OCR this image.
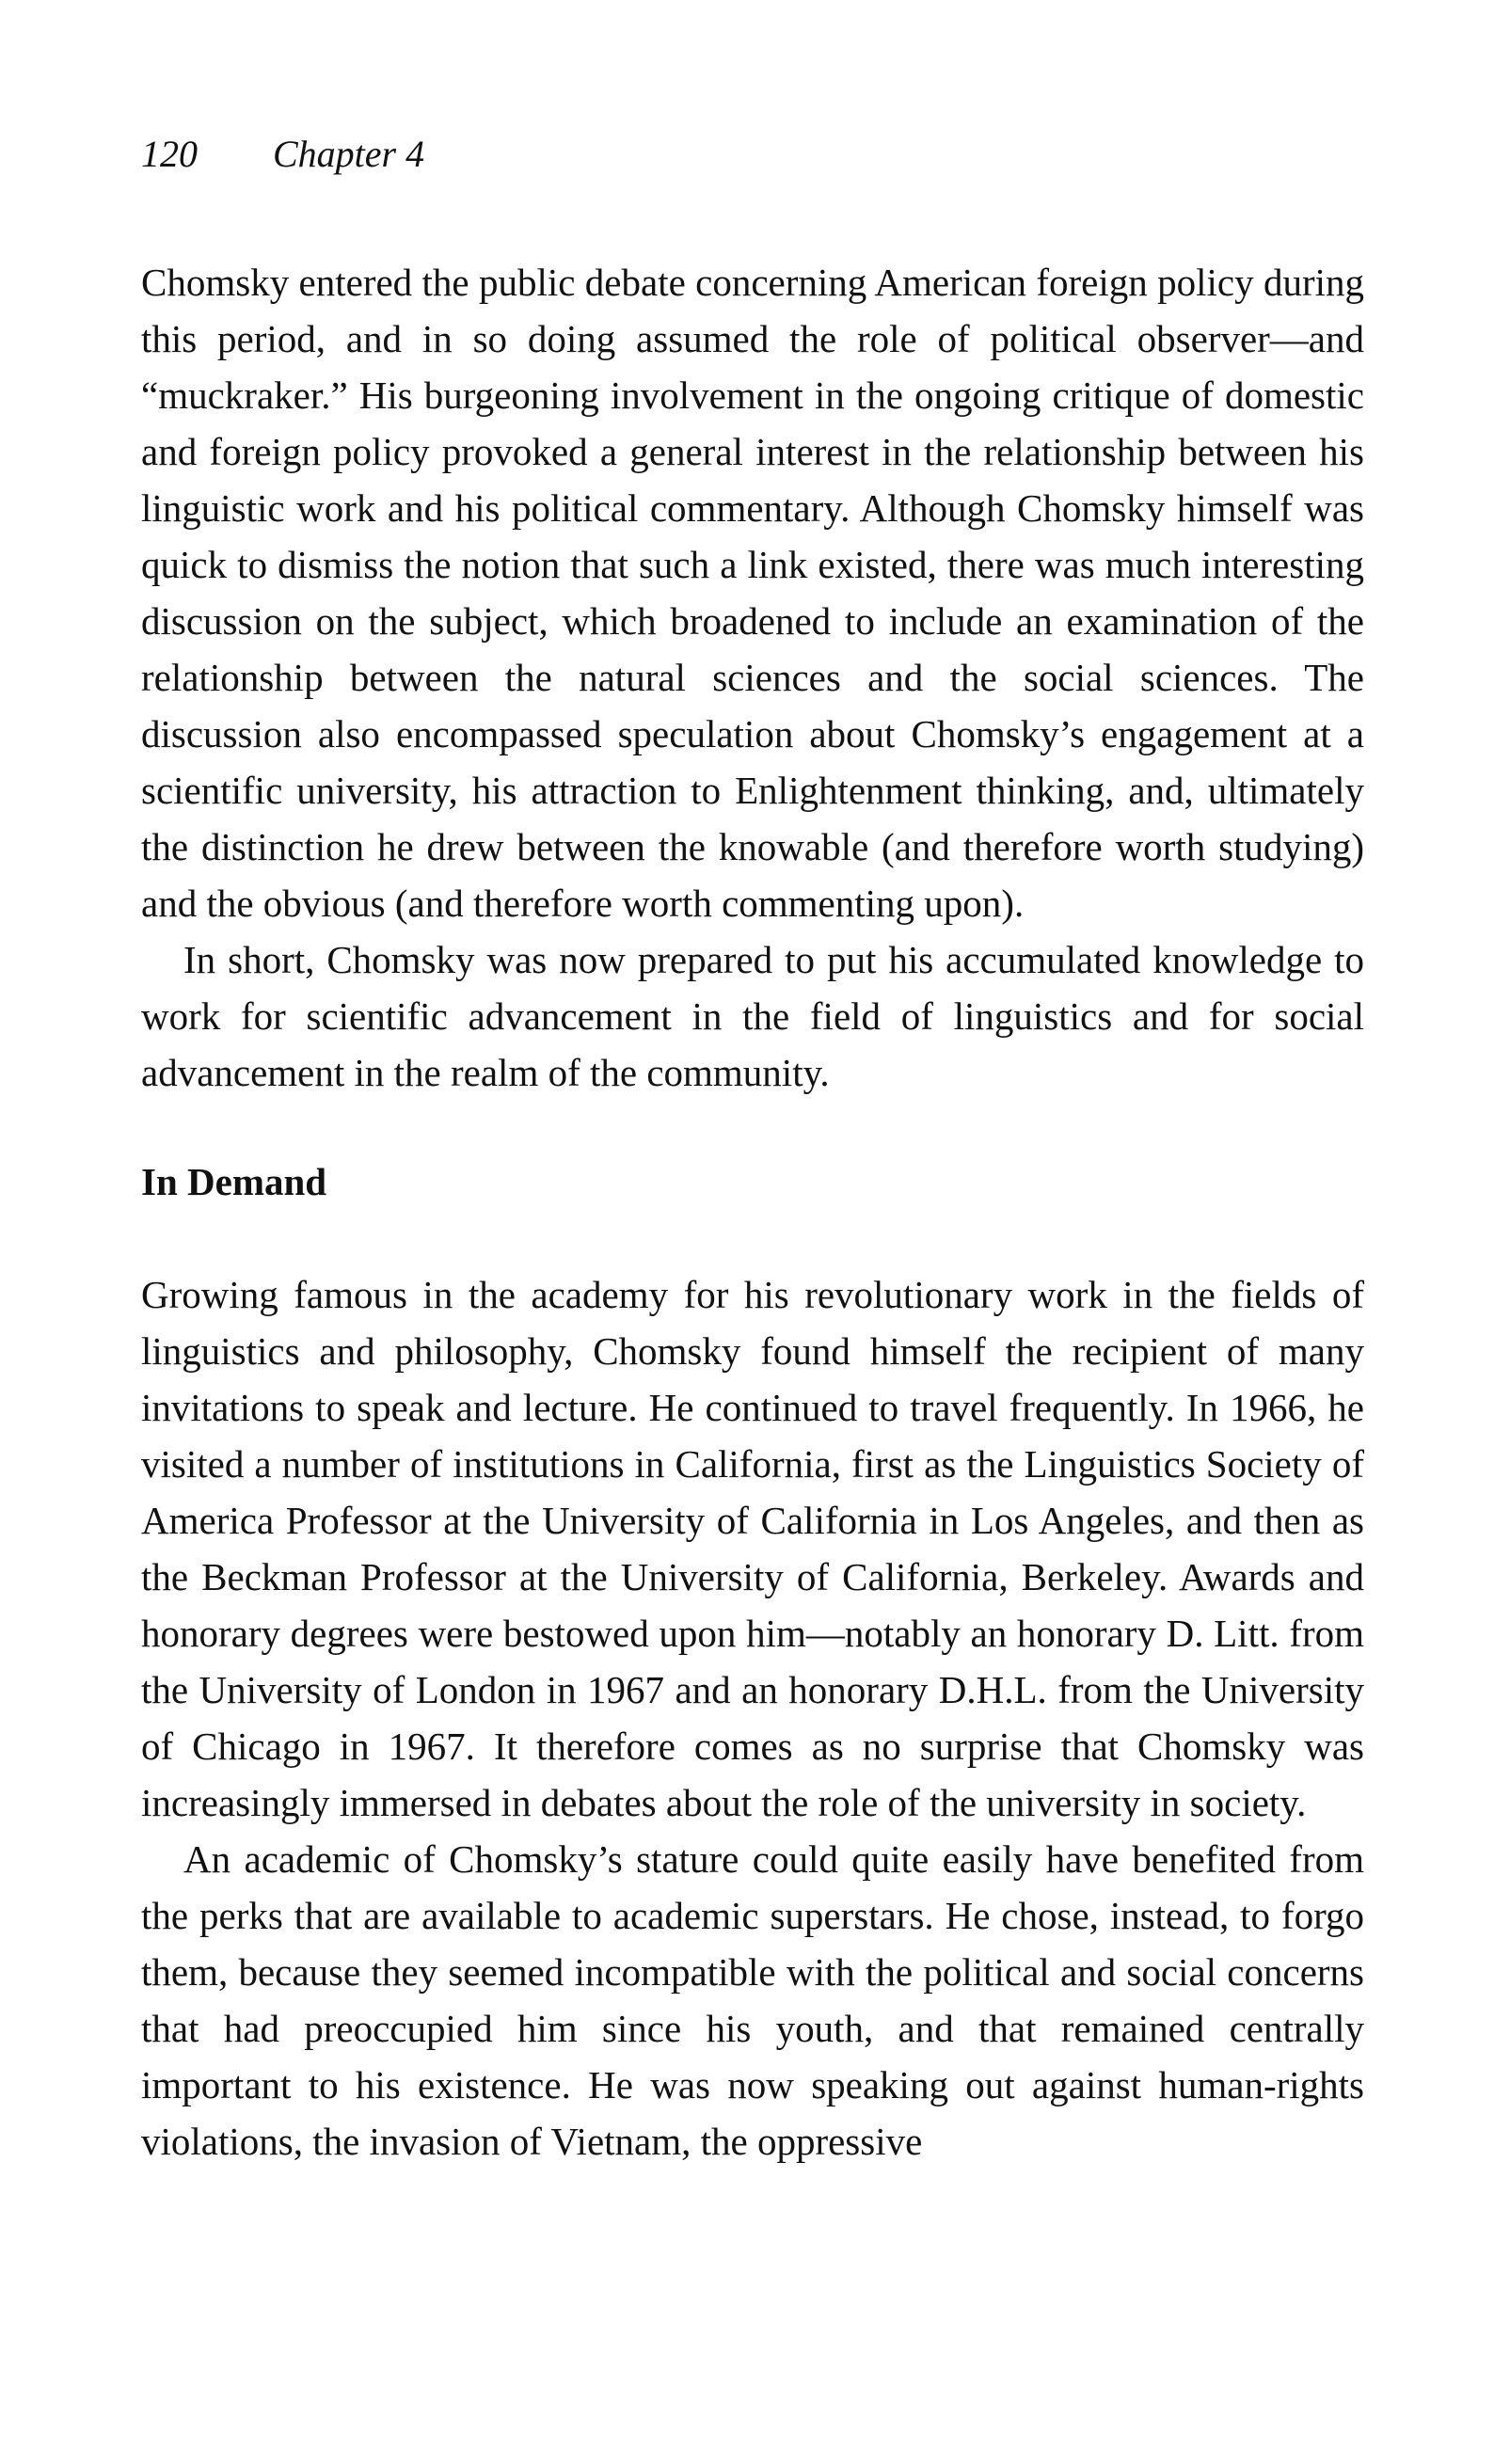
120 Chapter 4

Chomsky entered the public debate concerning American foreign policy during this period, and in so doing assumed the role of political observer—and “muckraker.” His burgeoning involvement in the ongoing critique of domestic and foreign policy provoked a general interest in the relationship between his linguistic work and his political commentary. Although Chomsky himself was quick to dismiss the notion that such a link existed, there was much interesting discussion on the subject, which broadened to include an examination of the relationship between the natural sciences and the social sciences. The discussion also encompassed speculation about Chomsky’s engagement at a scientific university, his attraction to Enlightenment thinking, and, ultimately the distinction he drew between the knowable (and therefore worth studying) and the obvious (and therefore worth commenting upon).

In short, Chomsky was now prepared to put his accumulated knowledge to work for scientific advancement in the field of linguistics and for social advancement in the realm of the community.

In Demand

Growing famous in the academy for his revolutionary work in the fields of linguistics and philosophy, Chomsky found himself the recipient of many invitations to speak and lecture. He continued to travel frequently. In 1966, he visited a number of institutions in California, first as the Linguistics Society of America Professor at the University of California in Los Angeles, and then as the Beckman Professor at the University of California, Berkeley. Awards and honorary degrees were bestowed upon him—notably an honorary D. Litt. from the University of London in 1967 and an honorary D.H.L. from the University of Chicago in 1967. It therefore comes as no surprise that Chomsky was increasingly immersed in debates about the role of the university in society.

An academic of Chomsky’s stature could quite easily have benefited from the perks that are available to academic superstars. He chose, instead, to forgo them, because they seemed incompatible with the political and social concerns that had preoccupied him since his youth, and that remained centrally important to his existence. He was now speaking out against human-rights violations, the invasion of Vietnam, the oppressive
